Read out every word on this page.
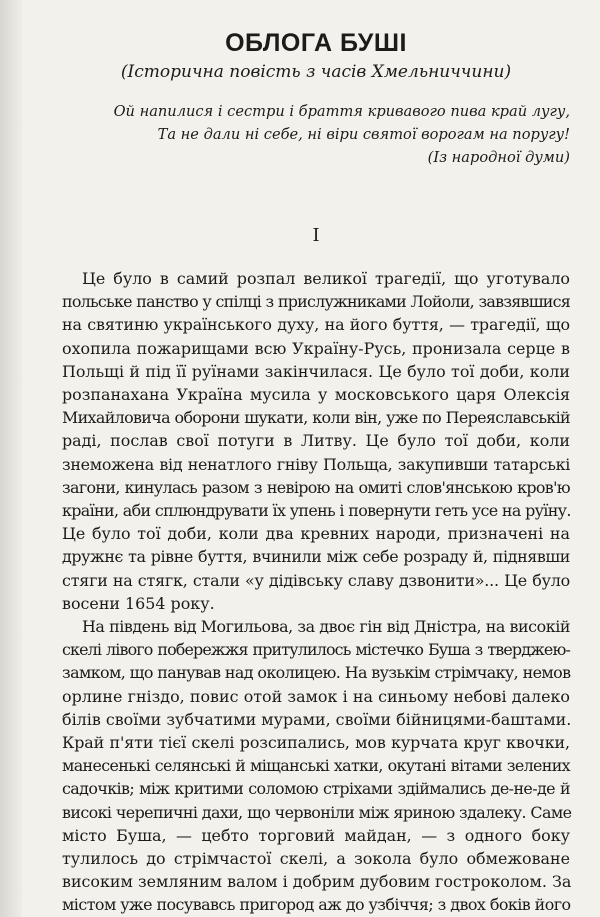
ОБЛОГА БУШІ
(Історична повість з часів Хмельниччини)
Ой напилися і сестри і браття кривавого пива край лугу,
Та не дали ні себе, ні віри святої ворогам на поругу!
(Із народної думи)
I
Це було в самий розпал великої трагедії, що уготувало
польське панство у спілці з прислужниками Лойоли, завзявшися
на святиню українського духу, на його буття, — трагедії, що
охопила пожарищами всю Україну-Русь, пронизала серце в
Польщі й під її руїнами закінчилася. Це було тої доби, коли
розпанахана Україна мусила у московського царя Олексія
Михайловича оборони шукати, коли він, уже по Переяславській
раді, послав свої потуги в Литву. Це було тої доби, коли
знеможена від ненатлого гніву Польща, закупивши татарські
загони, кинулась разом з невірою на омиті слов'янською кров'ю
країни, аби сплюндрувати їх упень і повернути геть усе на руїну.
Це було тої доби, коли два кревних народи, призначені на
дружнє та рівне буття, вчинили між себе розраду й, піднявши
стяги на стягк, стали «у дідівську славу дзвонити»... Це було
восени 1654 року.
На південь від Могильова, за двоє гін від Дністра, на високій
скелі лівого побережжя притулилось містечко Буша з тверджею-
замком, що панував над околицею. На вузькім стрімчаку, немов
орлине гніздо, повис отой замок і на синьому небові далеко
білів своїми зубчатими мурами, своїми бійницями-баштами.
Край п'яти тієї скелі розсипались, мов курчата круг квочки,
манесенькі селянські й міщанські хатки, окутані вітами зелених
садочків; між критими соломою стріхами здіймались де-не-де й
високі черепичні дахи, що червоніли між яриною здалеку. Саме
місто Буша, — цебто торговий майдан, — з одного боку
тулилось до стрімчастої скелі, а зокола було обмежоване
високим земляним валом і добрим дубовим гостроколом. За
містом уже посувавсь пригород аж до узбіччя; з двох боків його
